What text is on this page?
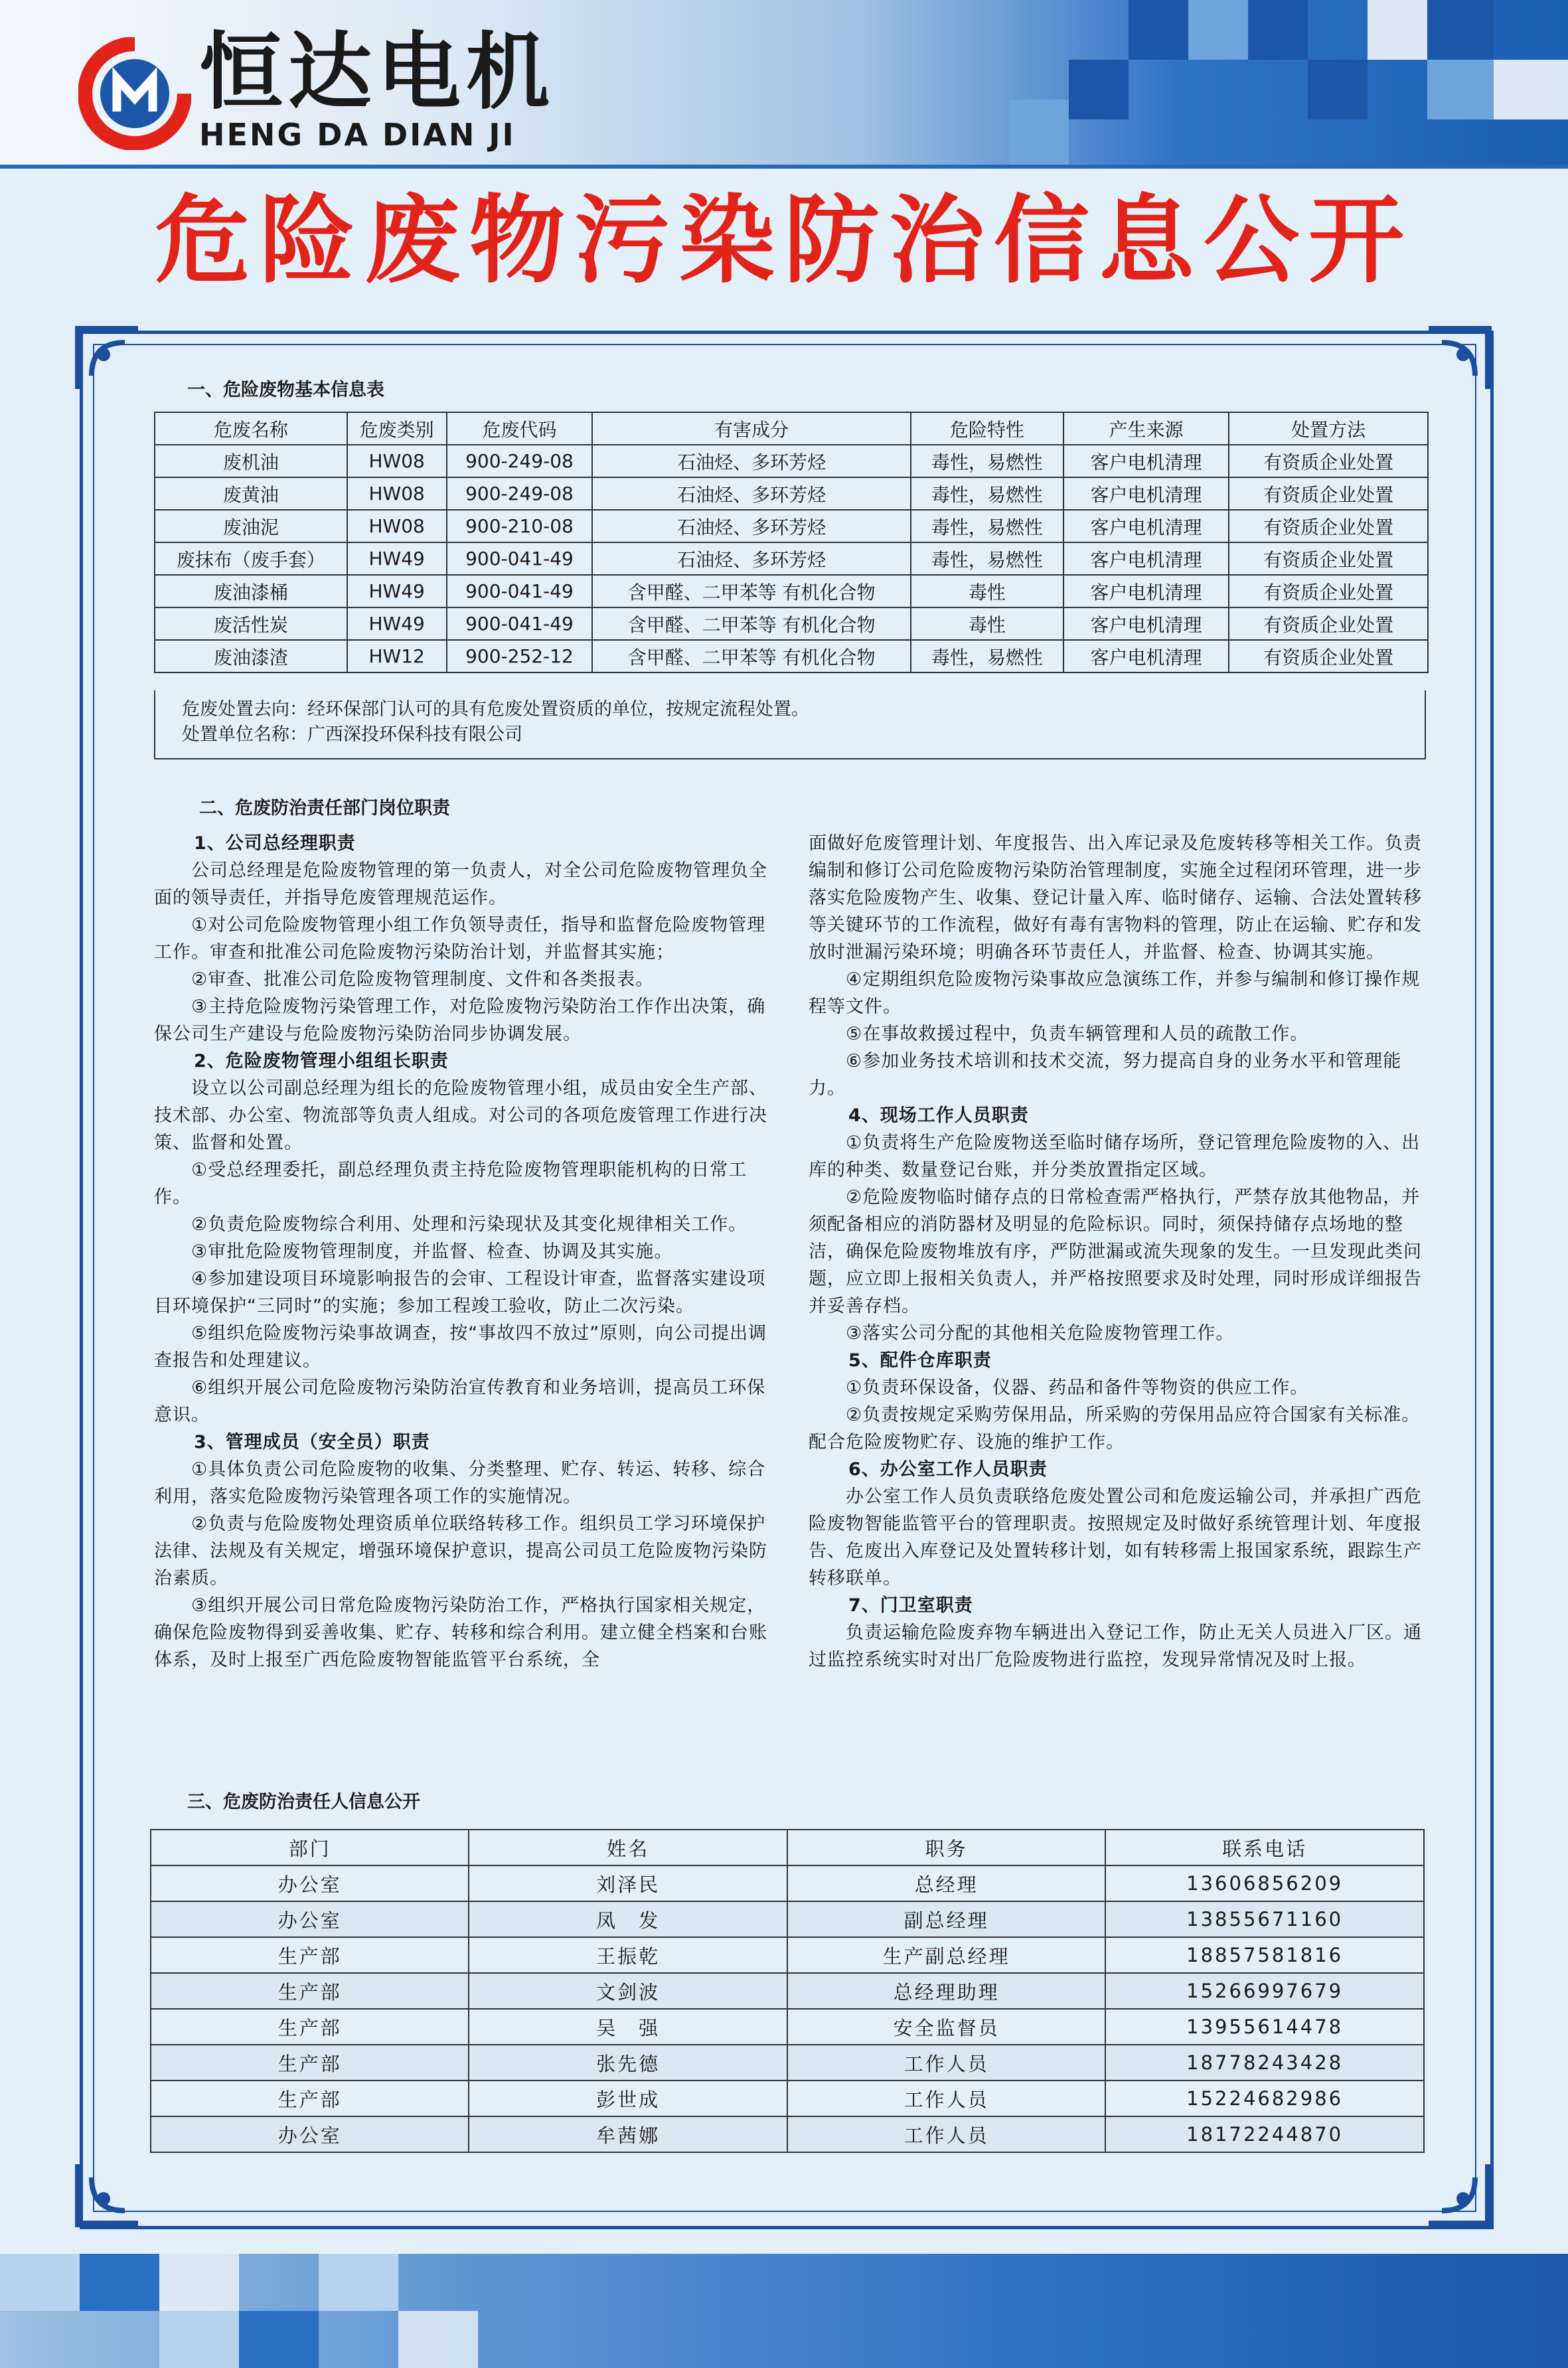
恒达电机
HENG DA DIAN JI
危险废物污染防治信息公开
一、危险废物基本信息表
危废名称	危废类别	危废代码	有害成分	危险特性	产生来源	处置方法
废机油	HW08	900-249-08	石油烃、多环芳烃	毒性，易燃性	客户电机清理	有资质企业处置
废黄油	HW08	900-249-08	石油烃、多环芳烃	毒性，易燃性	客户电机清理	有资质企业处置
废油泥	HW08	900-210-08	石油烃、多环芳烃	毒性，易燃性	客户电机清理	有资质企业处置
废抹布（废手套）	HW49	900-041-49	石油烃、多环芳烃	毒性，易燃性	客户电机清理	有资质企业处置
废油漆桶	HW49	900-041-49	含甲醛、二甲苯等 有机化合物	毒性	客户电机清理	有资质企业处置
废活性炭	HW49	900-041-49	含甲醛、二甲苯等 有机化合物	毒性	客户电机清理	有资质企业处置
废油漆渣	HW12	900-252-12	含甲醛、二甲苯等 有机化合物	毒性，易燃性	客户电机清理	有资质企业处置
危废处置去向：经环保部门认可的具有危废处置资质的单位，按规定流程处置。
处置单位名称：广西深投环保科技有限公司
二、危废防治责任部门岗位职责
1、公司总经理职责

公司总经理是危险废物管理的第一负责人，对全公司危险废物管理负全面的领导责任，并指导危废管理规范运作。

①对公司危险废物管理小组工作负领导责任，指导和监督危险废物管理工作。审查和批准公司危险废物污染防治计划，并监督其实施；

②审查、批准公司危险废物管理制度、文件和各类报表。

③主持危险废物污染管理工作，对危险废物污染防治工作作出决策，确保公司生产建设与危险废物污染防治同步协调发展。

2、危险废物管理小组组长职责

设立以公司副总经理为组长的危险废物管理小组，成员由安全生产部、技术部、办公室、物流部等负责人组成。对公司的各项危废管理工作进行决策、监督和处置。

①受总经理委托，副总经理负责主持危险废物管理职能机构的日常工作。

②负责危险废物综合利用、处理和污染现状及其变化规律相关工作。

③审批危险废物管理制度，并监督、检查、协调及其实施。

④参加建设项目环境影响报告的会审、工程设计审查，监督落实建设项目环境保护“三同时”的实施；参加工程竣工验收，防止二次污染。

⑤组织危险废物污染事故调查，按“事故四不放过”原则，向公司提出调查报告和处理建议。

⑥组织开展公司危险废物污染防治宣传教育和业务培训，提高员工环保意识。

3、管理成员（安全员）职责

①具体负责公司危险废物的收集、分类整理、贮存、转运、转移、综合利用，落实危险废物污染管理各项工作的实施情况。

②负责与危险废物处理资质单位联络转移工作。组织员工学习环境保护法律、法规及有关规定，增强环境保护意识，提高公司员工危险废物污染防治素质。

③组织开展公司日常危险废物污染防治工作，严格执行国家相关规定，确保危险废物得到妥善收集、贮存、转移和综合利用。建立健全档案和台账体系，及时上报至广西危险废物智能监管平台系统，全

面做好危废管理计划、年度报告、出入库记录及危废转移等相关工作。负责编制和修订公司危险废物污染防治管理制度，实施全过程闭环管理，进一步落实危险废物产生、收集、登记计量入库、临时储存、运输、合法处置转移等关键环节的工作流程，做好有毒有害物料的管理，防止在运输、贮存和发放时泄漏污染环境；明确各环节责任人，并监督、检查、协调其实施。

④定期组织危险废物污染事故应急演练工作，并参与编制和修订操作规程等文件。

⑤在事故救援过程中，负责车辆管理和人员的疏散工作。

⑥参加业务技术培训和技术交流，努力提高自身的业务水平和管理能力。

4、现场工作人员职责

①负责将生产危险废物送至临时储存场所，登记管理危险废物的入、出库的种类、数量登记台账，并分类放置指定区域。

②危险废物临时储存点的日常检查需严格执行，严禁存放其他物品，并须配备相应的消防器材及明显的危险标识。同时，须保持储存点场地的整洁，确保危险废物堆放有序，严防泄漏或流失现象的发生。一旦发现此类问题，应立即上报相关负责人，并严格按照要求及时处理，同时形成详细报告并妥善存档。

③落实公司分配的其他相关危险废物管理工作。

5、配件仓库职责

①负责环保设备，仪器、药品和备件等物资的供应工作。

②负责按规定采购劳保用品，所采购的劳保用品应符合国家有关标准。配合危险废物贮存、设施的维护工作。

6、办公室工作人员职责

办公室工作人员负责联络危废处置公司和危废运输公司，并承担广西危险废物智能监管平台的管理职责。按照规定及时做好系统管理计划、年度报告、危废出入库登记及处置转移计划，如有转移需上报国家系统，跟踪生产转移联单。

7、门卫室职责

负责运输危险废弃物车辆进出入登记工作，防止无关人员进入厂区。通过监控系统实时对出厂危险废物进行监控，发现异常情况及时上报。

三、危废防治责任人信息公开
部门	姓名	职务	联系电话
办公室	刘泽民	总经理	13606856209
办公室	凤　发	副总经理	13855671160
生产部	王振乾	生产副总经理	18857581816
生产部	文剑波	总经理助理	15266997679
生产部	吴　强	安全监督员	13955614478
生产部	张先德	工作人员	18778243428
生产部	彭世成	工作人员	15224682986
办公室	牟茜娜	工作人员	18172244870
